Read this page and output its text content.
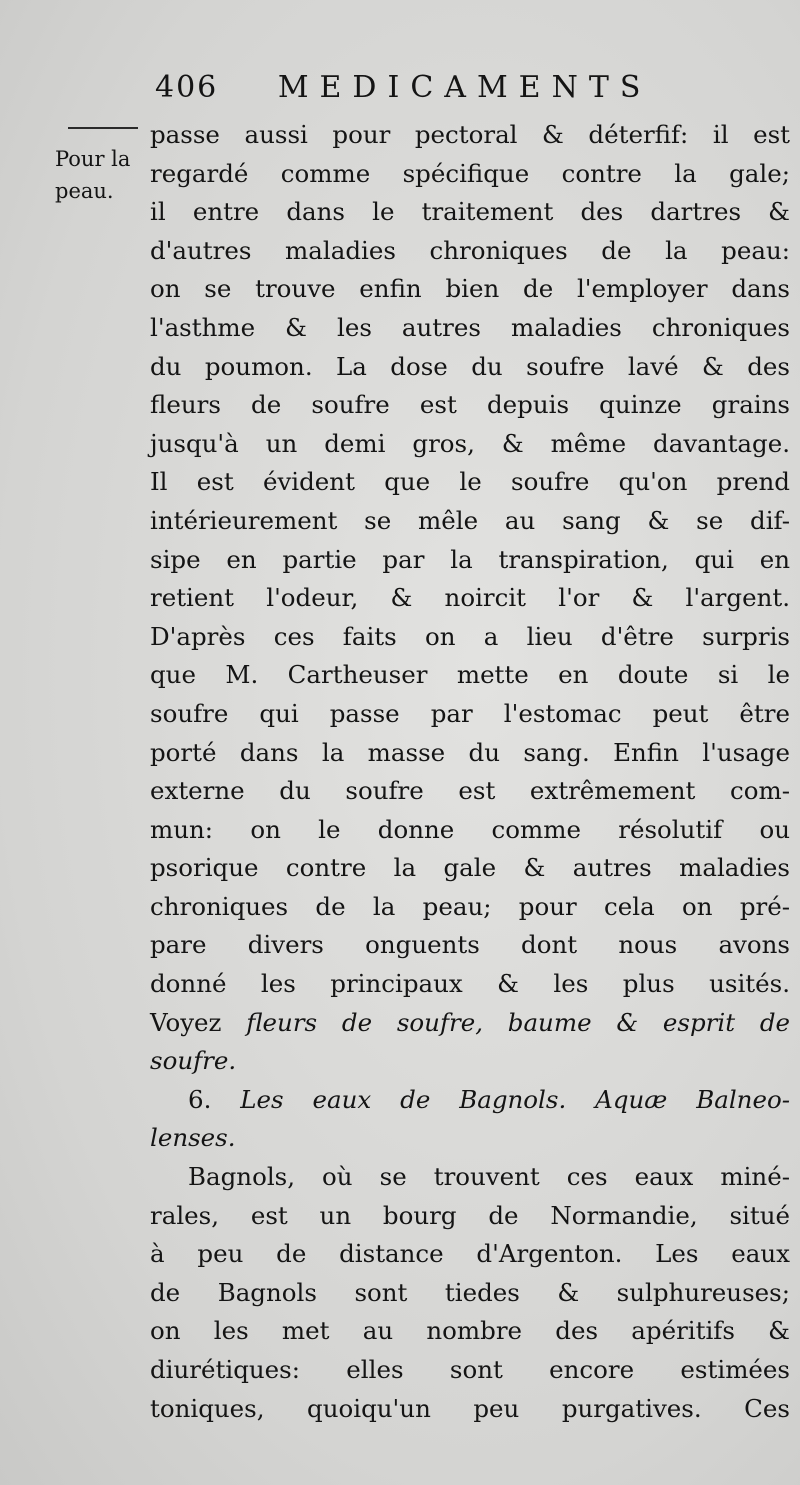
406 MEDICAMENTS
Pour la
peau.
passe aussi pour pectoral & déterfif: il est
regardé comme spécifique contre la gale;
il entre dans le traitement des dartres &
d'autres maladies chroniques de la peau:
on se trouve enfin bien de l'employer dans
l'asthme & les autres maladies chroniques
du poumon. La dose du soufre lavé & des
fleurs de soufre est depuis quinze grains
jusqu'à un demi gros, & même davantage.
Il est évident que le soufre qu'on prend
intérieurement se mêle au sang & se dif-
sipe en partie par la transpiration, qui en
retient l'odeur, & noircit l'or & l'argent.
D'après ces faits on a lieu d'être surpris
que M. Cartheuser mette en doute si le
soufre qui passe par l'estomac peut être
porté dans la masse du sang. Enfin l'usage
externe du soufre est extrêmement com-
mun: on le donne comme résolutif ou
psorique contre la gale & autres maladies
chroniques de la peau; pour cela on pré-
pare divers onguents dont nous avons
donné les principaux & les plus usités.
Voyez fleurs de soufre, baume & esprit de
soufre.
6. Les eaux de Bagnols. Aquæ Balneo-
lenses.
Bagnols, où se trouvent ces eaux miné-
rales, est un bourg de Normandie, situé
à peu de distance d'Argenton. Les eaux
de Bagnols sont tiedes & sulphureuses;
on les met au nombre des apéritifs &
diurétiques: elles sont encore estimées
toniques, quoiqu'un peu purgatives. Ces
